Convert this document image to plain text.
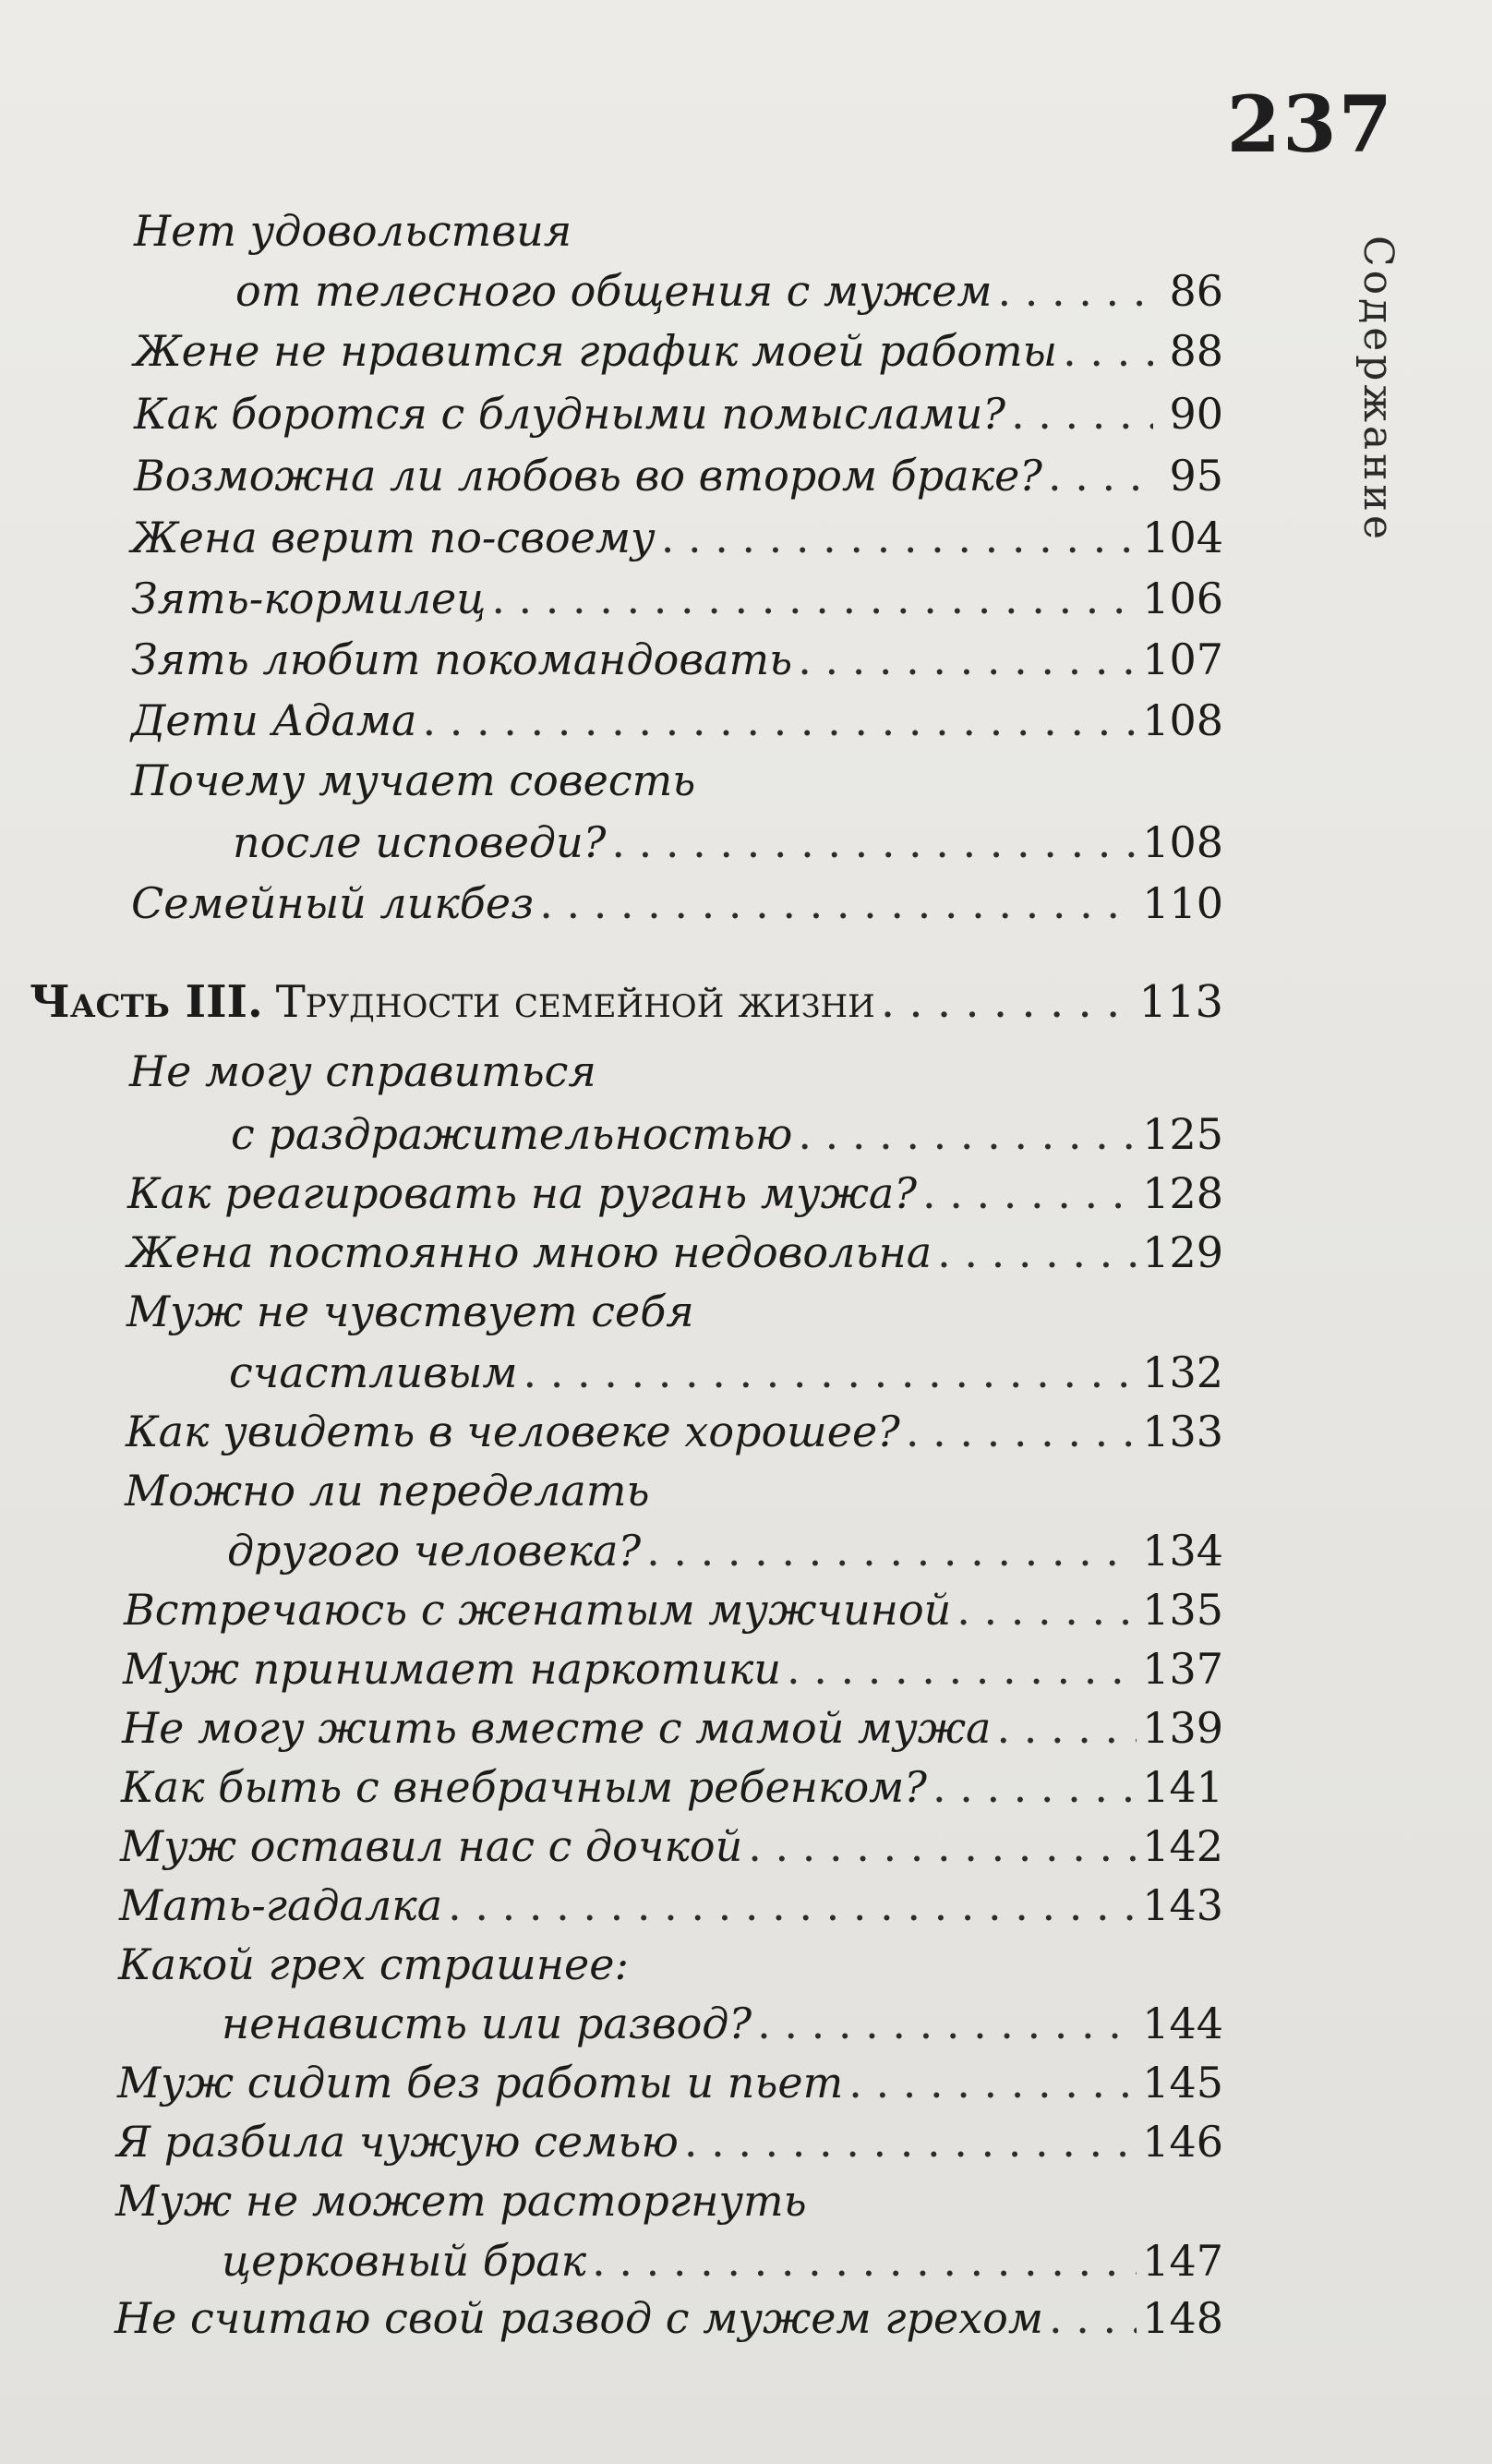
237
Содержание
Нет удовольствия
от телесного общения с мужем . . .	86
Жене не нравится график моей работы . . .	88
Как боротся с блудными помыслами? . . .	90
Возможна ли любовь во втором браке? . . .	95
Жена верит по-своему . . .	104
Зять-кормилец . . .	106
Зять любит покомандовать . . .	107
Дети Адама . . .	108
Почему мучает совесть
после исповеди? . . .	108
Семейный ликбез . . .	110
Часть III. Трудности семейной жизни . . .	113
Не могу справиться
с раздражительностью . . .	125
Как реагировать на ругань мужа? . . .	128
Жена постоянно мною недовольна . . .	129
Муж не чувствует себя
счастливым . . .	132
Как увидеть в человеке хорошее? . . .	133
Можно ли переделать
другого человека? . . .	134
Встречаюсь с женатым мужчиной . . .	135
Муж принимает наркотики . . .	137
Не могу жить вместе с мамой мужа . . .	139
Как быть с внебрачным ребенком? . . .	141
Муж оставил нас с дочкой . . .	142
Мать-гадалка . . .	143
Какой грех страшнее:
ненависть или развод? . . .	144
Муж сидит без работы и пьет . . .	145
Я разбила чужую семью . . .	146
Муж не может расторгнуть
церковный брак . . .	147
Не считаю свой развод с мужем грехом . . . 148
